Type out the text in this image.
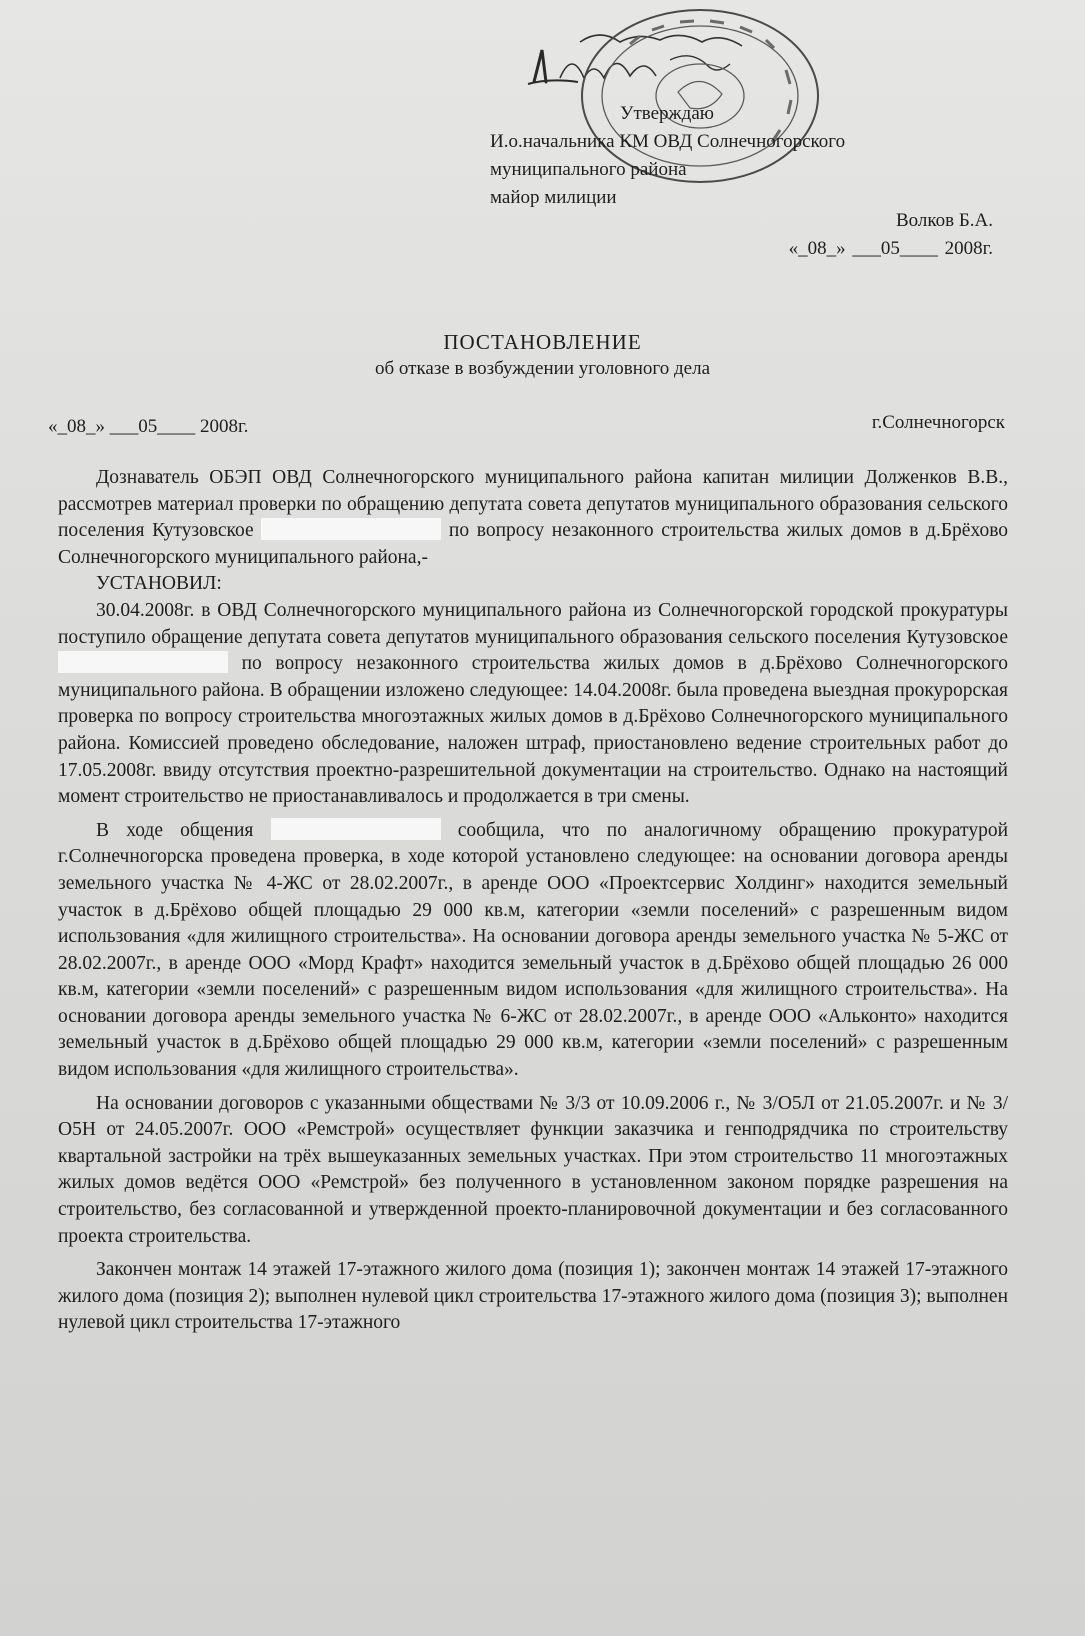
Утверждаю
И.о.начальника КМ ОВД Солнечногорского
муниципального района
майор милиции
Волков Б.А.
«_08_» ___05____ 2008г.
ПОСТАНОВЛЕНИЕ
об отказе в возбуждении уголовного дела
«_08_» ___05____ 2008г.	г.Солнечногорск

Дознаватель ОБЭП ОВД Солнечногорского муниципального района капитан милиции Долженков В.В., рассмотрев материал проверки по обращению депутата совета депутатов муниципального образования сельского поселения Кутузовское	по вопросу незаконного строительства жилых домов в д.Брёхово Солнечногорского муниципального района,-

УСТАНОВИЛ:

30.04.2008г. в ОВД Солнечногорского муниципального района из Солнечногорской городской прокуратуры поступило обращение депутата совета депутатов муниципального образования сельского поселения Кутузовское  по вопросу незаконного строительства жилых домов в д.Брёхово Солнечногорского муниципального района. В обращении изложено следующее: 14.04.2008г. была проведена выездная прокурорская проверка по вопросу строительства многоэтажных жилых домов в д.Брёхово Солнечногорского муниципального района. Комиссией проведено обследование, наложен штраф, приостановлено ведение строительных работ до 17.05.2008г. ввиду отсутствия проектно-разрешительной документации на строительство. Однако на настоящий момент строительство не приостанавливалось и продолжается в три смены.

В ходе общения	сообщила, что по аналогичному обращению прокуратурой г.Солнечногорска проведена проверка, в ходе которой установлено следующее: на основании договора аренды земельного участка № 4-ЖС от 28.02.2007г., в аренде ООО «Проектсервис Холдинг» находится земельный участок в д.Брёхово общей площадью 29 000 кв.м, категории «земли поселений» с разрешенным видом использования «для жилищного строительства». На основании договора аренды земельного участка № 5-ЖС от 28.02.2007г., в аренде ООО «Морд Крафт» находится земельный участок в д.Брёхово общей площадью 26 000 кв.м, категории «земли поселений» с разрешенным видом использования «для жилищного строительства». На основании договора аренды земельного участка № 6-ЖС от 28.02.2007г., в аренде ООО «Альконто» находится земельный участок в д.Брёхово общей площадью 29 000 кв.м, категории «земли поселений» с разрешенным видом использования «для жилищного строительства».

На основании договоров с указанными обществами № 3/3 от 10.09.2006 г., № 3/О5Л от 21.05.2007г. и № 3/О5Н от 24.05.2007г. ООО «Ремстрой» осуществляет функции заказчика и генподрядчика по строительству квартальной застройки на трёх вышеуказанных земельных участках. При этом строительство 11 многоэтажных жилых домов ведётся ООО «Ремстрой» без полученного в установленном законом порядке разрешения на строительство, без согласованной и утвержденной проекто-планировочной документации и без согласованного проекта строительства.

Закончен монтаж 14 этажей 17-этажного жилого дома (позиция 1); закончен монтаж 14 этажей 17-этажного жилого дома (позиция 2); выполнен нулевой цикл строительства 17-этажного жилого дома (позиция 3); выполнен нулевой цикл строительства 17-этажного
